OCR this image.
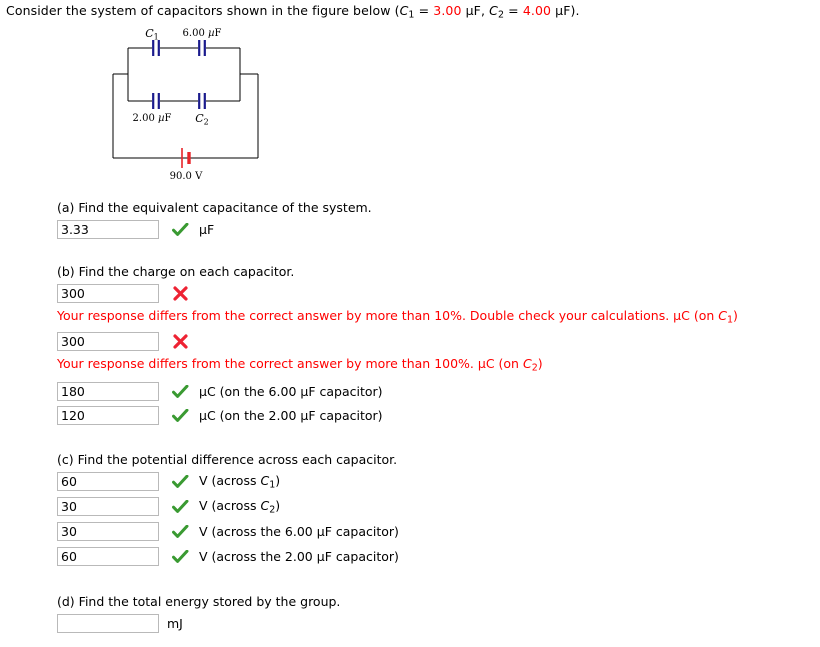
Consider the system of capacitors shown in the figure below ($C_1 = 3.00$ µF, $C_2 = 4.00$ µF).
$C_1$ 6.00 µF
2.00 µF $C_2$
90.0 V
(a) Find the equivalent capacitance of the system.
3.33
µF
(b) Find the charge on each capacitor.
300
Your response differs from the correct answer by more than 10%. Double check your calculations. µC (on $C_1$)
300
Your response differs from the correct answer by more than 100%. µC (on $C_2$)
180
µC (on the 6.00 µF capacitor)
120
µC (on the 2.00 µF capacitor)
(c) Find the potential difference across each capacitor.
60
V (across $C_1$)
30
V (across $C_2$)
30
V (across the 6.00 µF capacitor)
60
V (across the 2.00 µF capacitor)
(d) Find the total energy stored by the group.
mJ
